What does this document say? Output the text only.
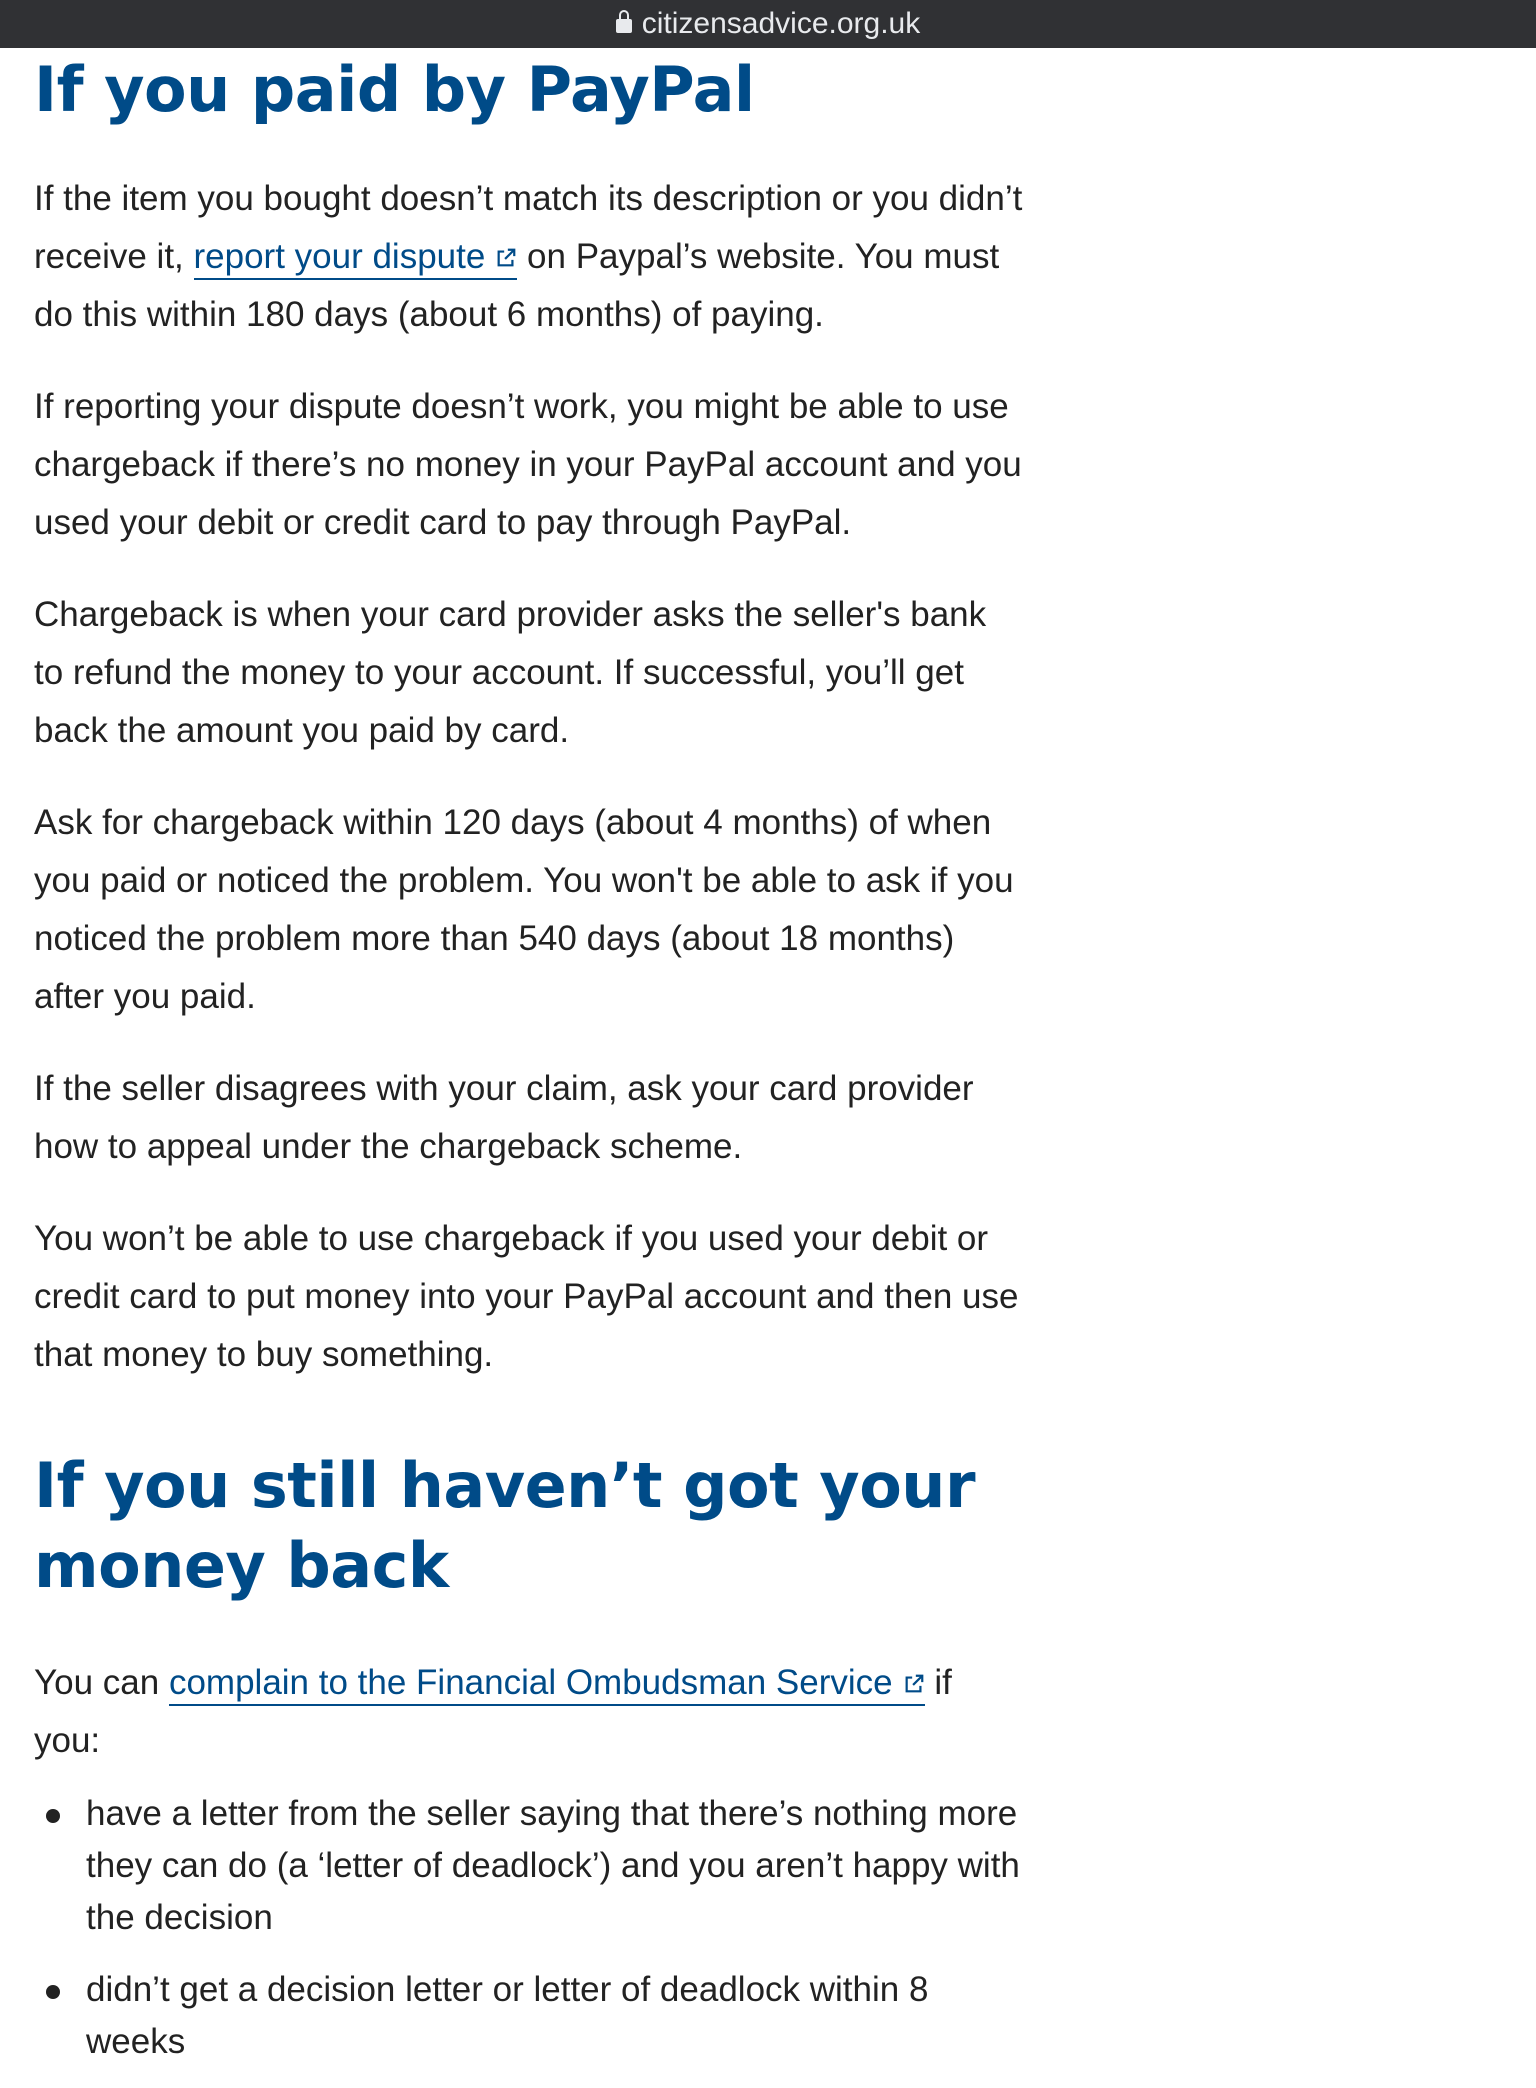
citizensadvice.org.uk
If you paid by PayPal

If the item you bought doesn’t match its description or you didn’t receive it, report your dispute on Paypal’s website. You must do this within 180 days (about 6 months) of paying.

If reporting your dispute doesn’t work, you might be able to use chargeback if there’s no money in your PayPal account and you used your debit or credit card to pay through PayPal.

Chargeback is when your card provider asks the seller's bank to refund the money to your account. If successful, you’ll get back the amount you paid by card.

Ask for chargeback within 120 days (about 4 months) of when you paid or noticed the problem. You won't be able to ask if you noticed the problem more than 540 days (about 18 months) after you paid.

If the seller disagrees with your claim, ask your card provider how to appeal under the chargeback scheme.

You won’t be able to use chargeback if you used your debit or credit card to put money into your PayPal account and then use that money to buy something.

If you still haven’t got your money back

You can complain to the Financial Ombudsman Service if you:

have a letter from the seller saying that there’s nothing more they can do (a ‘letter of deadlock’) and you aren’t happy with the decision
didn’t get a decision letter or letter of deadlock within 8 weeks
